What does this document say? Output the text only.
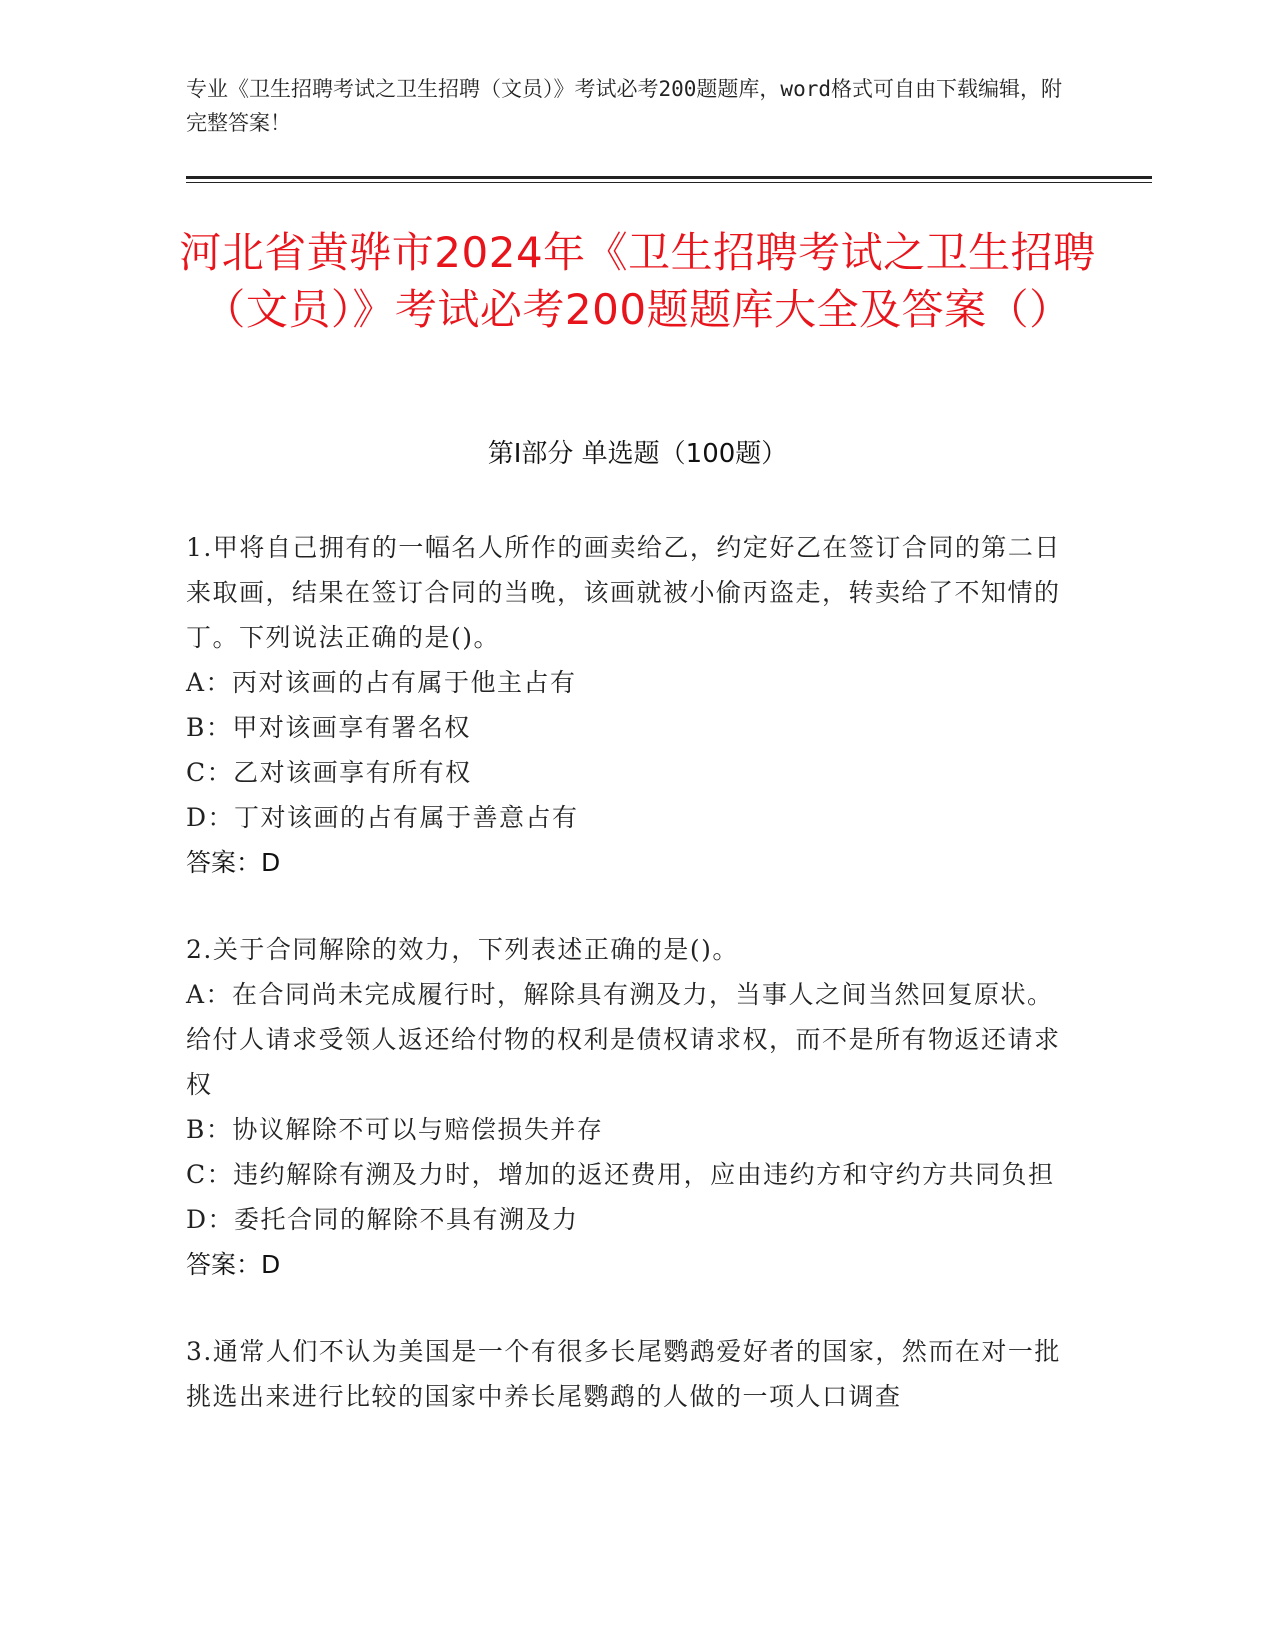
专业《卫生招聘考试之卫生招聘（文员）》考试必考200题题库，word格式可自由下载编辑，附完整答案！
河北省黄骅市2024年《卫生招聘考试之卫生招聘（文员）》考试必考200题题库大全及答案（）
第I部分 单选题（100题）

1.甲将自己拥有的一幅名人所作的画卖给乙，约定好乙在签订合同的第二日来取画，结果在签订合同的当晚，该画就被小偷丙盗走，转卖给了不知情的丁。下列说法正确的是()。

A：丙对该画的占有属于他主占有

B：甲对该画享有署名权

C：乙对该画享有所有权

D：丁对该画的占有属于善意占有

答案：D

2.关于合同解除的效力，下列表述正确的是()。

A：在合同尚未完成履行时，解除具有溯及力，当事人之间当然回复原状。给付人请求受领人返还给付物的权利是债权请求权，而不是所有物返还请求权

B：协议解除不可以与赔偿损失并存

C：违约解除有溯及力时，增加的返还费用，应由违约方和守约方共同负担

D：委托合同的解除不具有溯及力

答案：D

3.通常人们不认为美国是一个有很多长尾鹦鹉爱好者的国家，然而在对一批挑选出来进行比较的国家中养长尾鹦鹉的人做的一项人口调查
